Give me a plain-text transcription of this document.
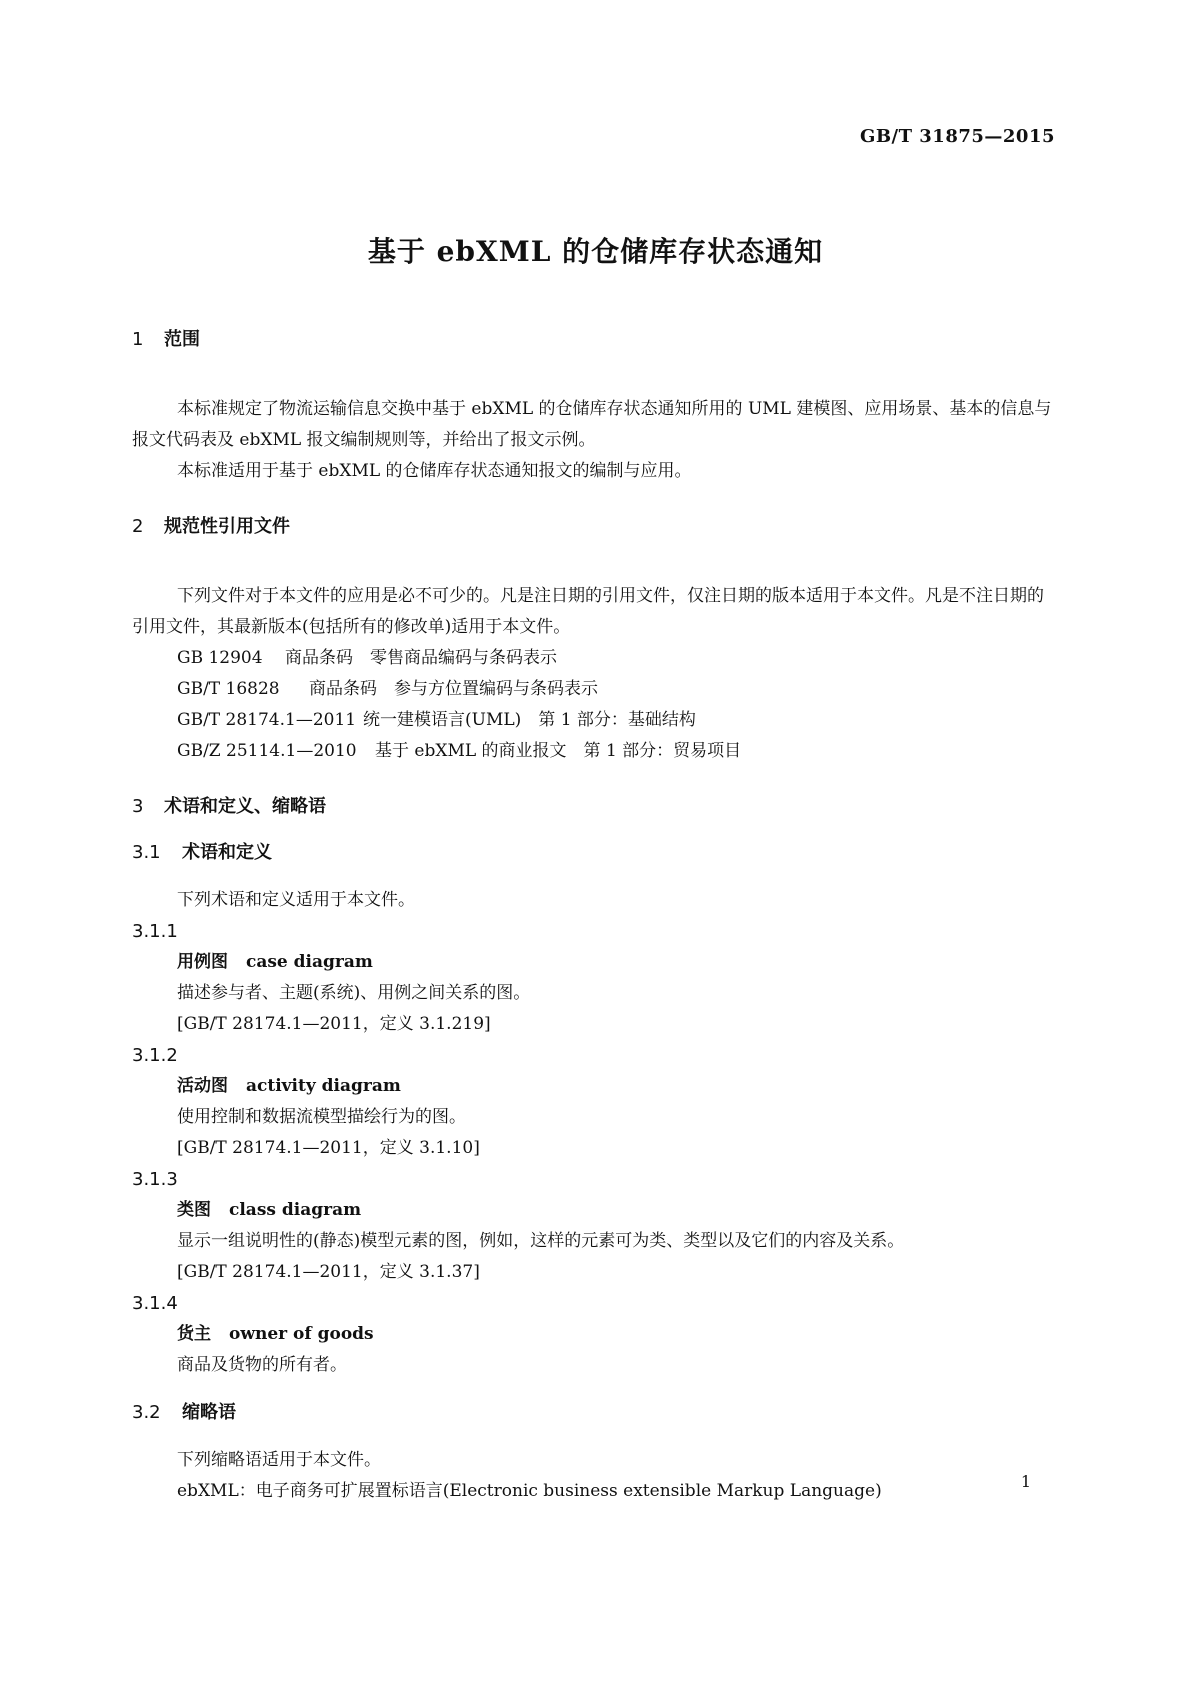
GB/T 31875—2015
基于 ebXML 的仓储库存状态通知
1 范围
本标准规定了物流运输信息交换中基于 ebXML 的仓储库存状态通知所用的 UML 建模图、应用场景、基本的信息与报文代码表及 ebXML 报文编制规则等，并给出了报文示例。
本标准适用于基于 ebXML 的仓储库存状态通知报文的编制与应用。
2 规范性引用文件
下列文件对于本文件的应用是必不可少的。凡是注日期的引用文件，仅注日期的版本适用于本文件。凡是不注日期的引用文件，其最新版本(包括所有的修改单)适用于本文件。
GB 12904 商品条码　零售商品编码与条码表示
GB/T 16828 商品条码　参与方位置编码与条码表示
GB/T 28174.1—2011 统一建模语言(UML)　第 1 部分：基础结构
GB/Z 25114.1—2010 基于 ebXML 的商业报文　第 1 部分：贸易项目
3 术语和定义、缩略语
3.1 术语和定义
下列术语和定义适用于本文件。
3.1.1
用例图 case diagram
描述参与者、主题(系统)、用例之间关系的图。
[GB/T 28174.1—2011，定义 3.1.219]
3.1.2
活动图 activity diagram
使用控制和数据流模型描绘行为的图。
[GB/T 28174.1—2011，定义 3.1.10]
3.1.3
类图 class diagram
显示一组说明性的(静态)模型元素的图，例如，这样的元素可为类、类型以及它们的内容及关系。
[GB/T 28174.1—2011，定义 3.1.37]
3.1.4
货主 owner of goods
商品及货物的所有者。
3.2 缩略语
下列缩略语适用于本文件。
ebXML：电子商务可扩展置标语言(Electronic business extensible Markup Language)	1
